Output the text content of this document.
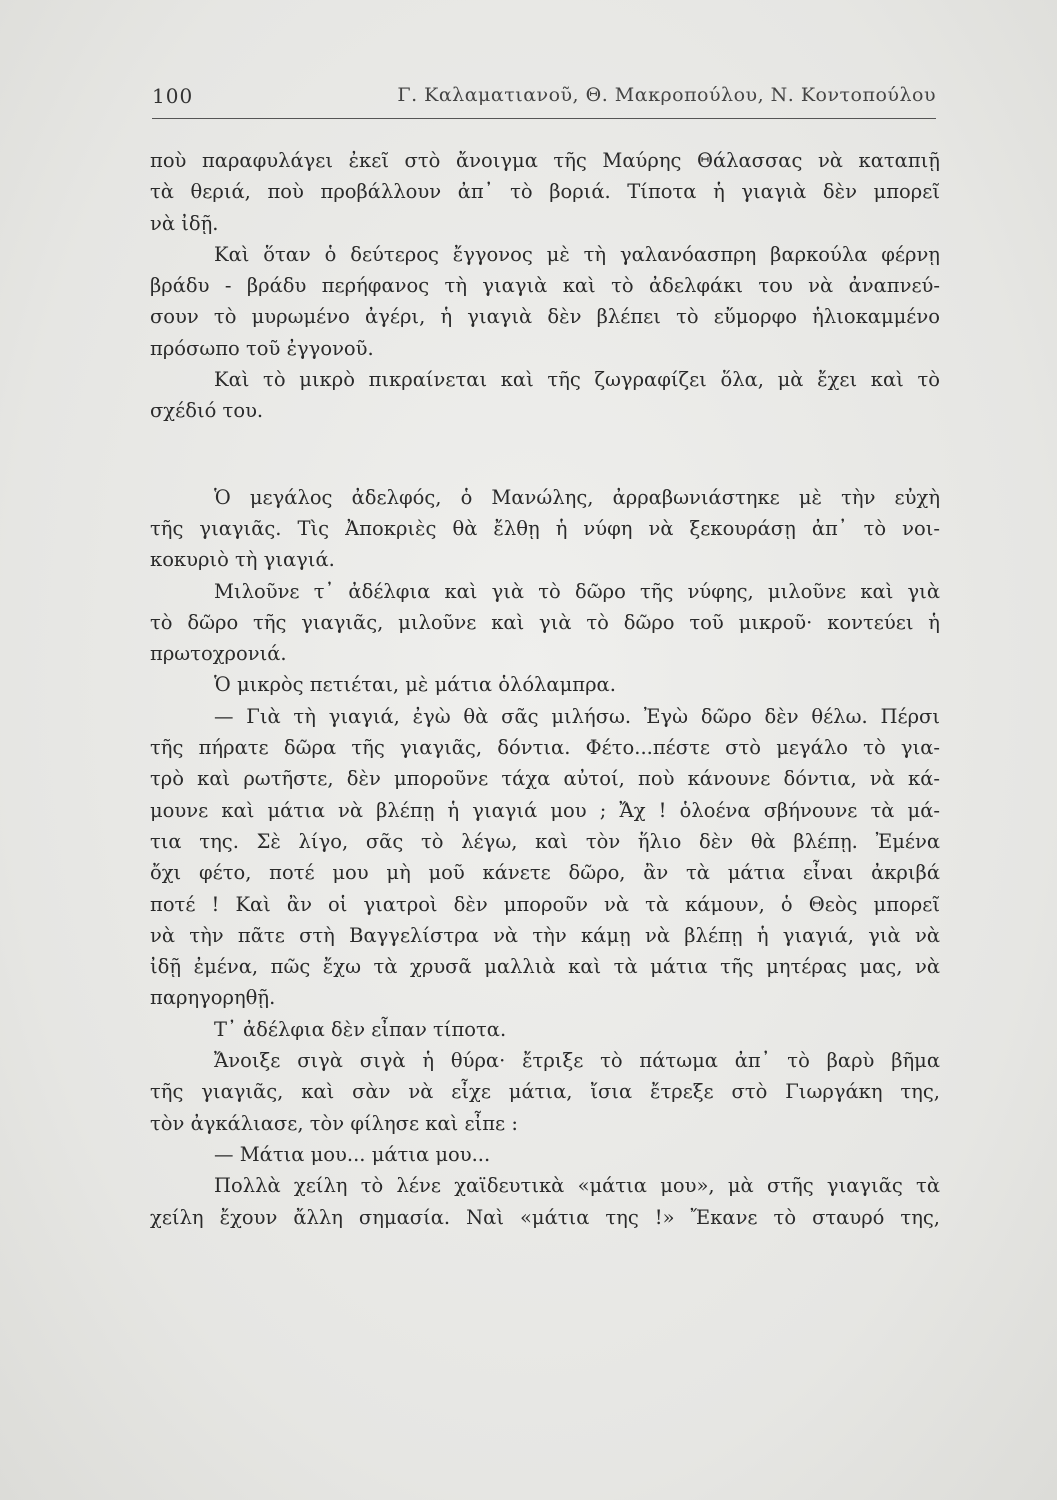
100	Γ. Καλαματιανοῦ, Θ. Μακροπούλου, Ν. Κοντοπούλου
ποὺ παραφυλάγει ἐκεῖ στὸ ἄνοιγμα τῆς Μαύρης Θάλασσας νὰ καταπιῇ
τὰ θεριά, ποὺ προβάλλουν ἀπ᾽ τὸ βοριά. Τίποτα ἡ γιαγιὰ δὲν μπορεῖ
νὰ ἰδῇ.
Καὶ ὅταν ὁ δεύτερος ἔγγονος μὲ τὴ γαλανόασπρη βαρκούλα φέρνῃ
βράδυ - βράδυ περήφανος τὴ γιαγιὰ καὶ τὸ ἀδελφάκι του νὰ ἀναπνεύ-
σουν τὸ μυρωμένο ἀγέρι, ἡ γιαγιὰ δὲν βλέπει τὸ εὔμορφο ἡλιοκαμμένο
πρόσωπο τοῦ ἐγγονοῦ.
Καὶ τὸ μικρὸ πικραίνεται καὶ τῆς ζωγραφίζει ὅλα, μὰ ἔχει καὶ τὸ
σχέδιό του.
Ὁ μεγάλος ἀδελφός, ὁ Μανώλης, ἀρραβωνιάστηκε μὲ τὴν εὐχὴ
τῆς γιαγιᾶς. Τὶς Ἀποκριὲς θὰ ἔλθῃ ἡ νύφη νὰ ξεκουράσῃ ἀπ᾽ τὸ νοι-
κοκυριὸ τὴ γιαγιά.
Μιλοῦνε τ᾽ ἀδέλφια καὶ γιὰ τὸ δῶρο τῆς νύφης, μιλοῦνε καὶ γιὰ
τὸ δῶρο τῆς γιαγιᾶς, μιλοῦνε καὶ γιὰ τὸ δῶρο τοῦ μικροῦ· κοντεύει ἡ
πρωτοχρονιά.
Ὁ μικρὸς πετιέται, μὲ μάτια ὁλόλαμπρα.
— Γιὰ τὴ γιαγιά, ἐγὼ θὰ σᾶς μιλήσω. Ἐγὼ δῶρο δὲν θέλω. Πέρσι
τῆς πήρατε δῶρα τῆς γιαγιᾶς, δόντια. Φέτο...πέστε στὸ μεγάλο τὸ για-
τρὸ καὶ ρωτῆστε, δὲν μποροῦνε τάχα αὐτοί, ποὺ κάνουνε δόντια, νὰ κά-
μουνε καὶ μάτια νὰ βλέπῃ ἡ γιαγιά μου ; Ἄχ ! ὁλοένα σβήνουνε τὰ μά-
τια της. Σὲ λίγο, σᾶς τὸ λέγω, καὶ τὸν ἥλιο δὲν θὰ βλέπῃ. Ἐμένα
ὄχι φέτο, ποτέ μου μὴ μοῦ κάνετε δῶρο, ἂν τὰ μάτια εἶναι ἀκριβά
ποτέ ! Καὶ ἂν οἱ γιατροὶ δὲν μποροῦν νὰ τὰ κάμουν, ὁ Θεὸς μπορεῖ
νὰ τὴν πᾶτε στὴ Βαγγελίστρα νὰ τὴν κάμῃ νὰ βλέπῃ ἡ γιαγιά, γιὰ νὰ
ἰδῇ ἐμένα, πῶς ἔχω τὰ χρυσᾶ μαλλιὰ καὶ τὰ μάτια τῆς μητέρας μας, νὰ
παρηγορηθῇ.
Τ᾽ ἀδέλφια δὲν εἶπαν τίποτα.
Ἄνοιξε σιγὰ σιγὰ ἡ θύρα· ἔτριξε τὸ πάτωμα ἀπ᾽ τὸ βαρὺ βῆμα
τῆς γιαγιᾶς, καὶ σὰν νὰ εἶχε μάτια, ἴσια ἔτρεξε στὸ Γιωργάκη της,
τὸν ἀγκάλιασε, τὸν φίλησε καὶ εἶπε :
— Μάτια μου... μάτια μου...
Πολλὰ χείλη τὸ λένε χαϊδευτικὰ «μάτια μου», μὰ στῆς γιαγιᾶς τὰ
χείλη ἔχουν ἄλλη σημασία. Ναὶ «μάτια της !» Ἔκανε τὸ σταυρό της,
